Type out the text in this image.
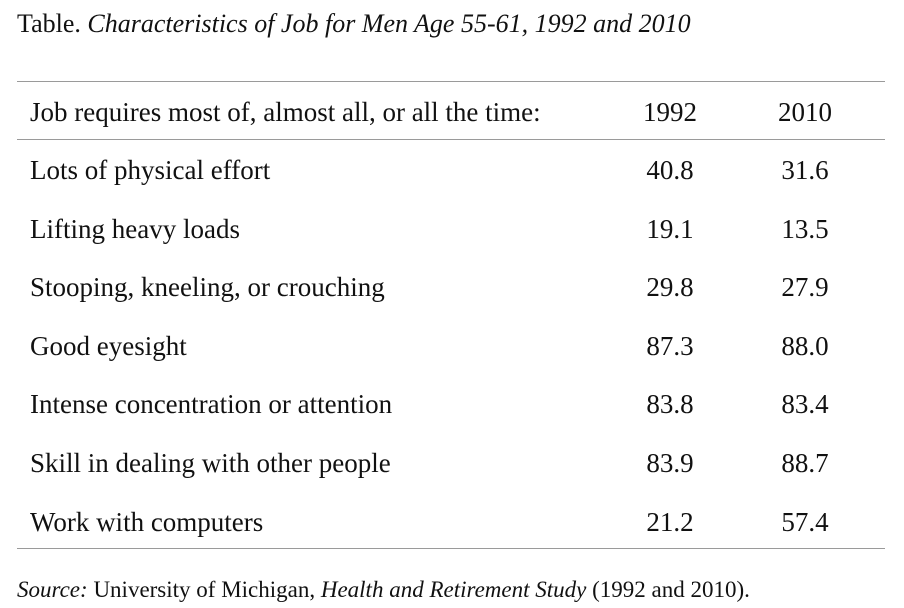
Table. Characteristics of Job for Men Age 55-61, 1992 and 2010
Job requires most of, almost all, or all the time:	1992	2010
Lots of physical effort	40.8	31.6
Lifting heavy loads	19.1	13.5
Stooping, kneeling, or crouching	29.8	27.9
Good eyesight	87.3	88.0
Intense concentration or attention	83.8	83.4
Skill in dealing with other people	83.9	88.7
Work with computers	21.2	57.4
Source: University of Michigan, Health and Retirement Study (1992 and 2010).
